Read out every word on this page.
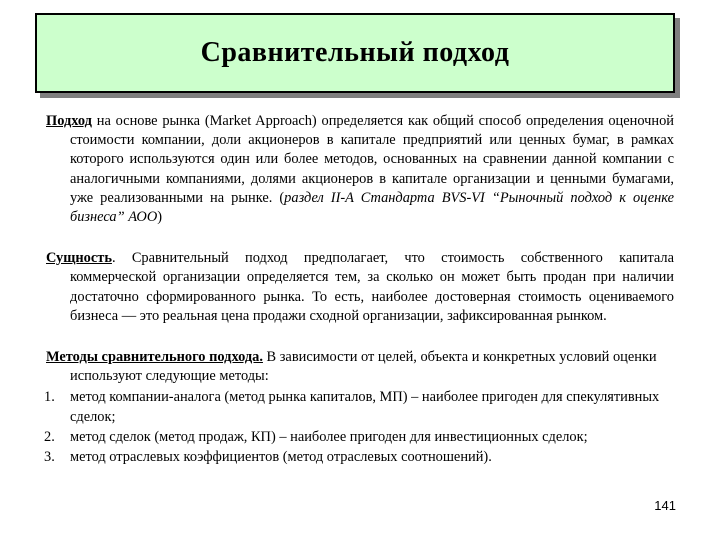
Сравнительный подход

Подход на основе рынка (Market Approach) определяется как общий способ определения оценочной стоимости компании, доли акционеров в капитале предприятий или ценных бумаг, в рамках которого используются один или более методов, основанных на сравнении данной компании с аналогичными компаниями, долями акционеров в капитале организации и ценными бумагами, уже реализованными на рынке. (раздел II-A Стандарта BVS-VI “Рыночный подход к оценке бизнеса” АОО)

Сущность. Сравнительный подход предполагает, что стоимость собственного капитала коммерческой организации определяется тем, за сколько он может быть продан при наличии достаточно сформированного рынка. То есть, наиболее достоверная стоимость оцениваемого бизнеса — это реальная цена продажи сходной организации, зафиксированная рынком.

Методы сравнительного подхода. В зависимости от целей, объекта и конкретных условий оценки используют следующие методы:

1. метод компании-аналога (метод рынка капиталов, МП) – наиболее пригоден для спекулятивных сделок;
2. метод сделок (метод продаж, КП) – наиболее пригоден для инвестиционных сделок;
3. метод отраслевых коэффициентов (метод отраслевых соотношений).
141
